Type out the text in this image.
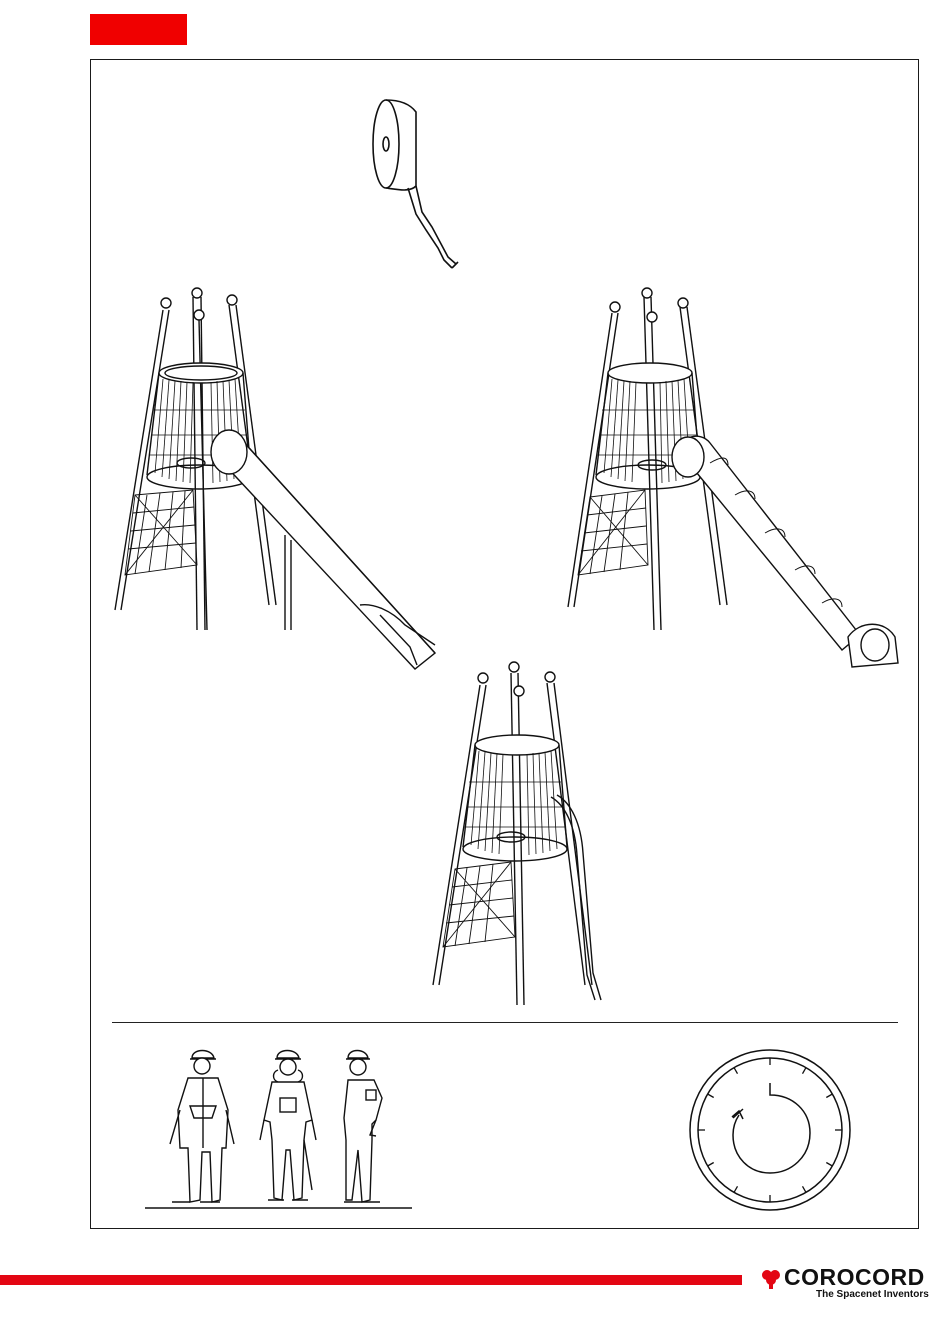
COROCORD
The Spacenet Inventors
